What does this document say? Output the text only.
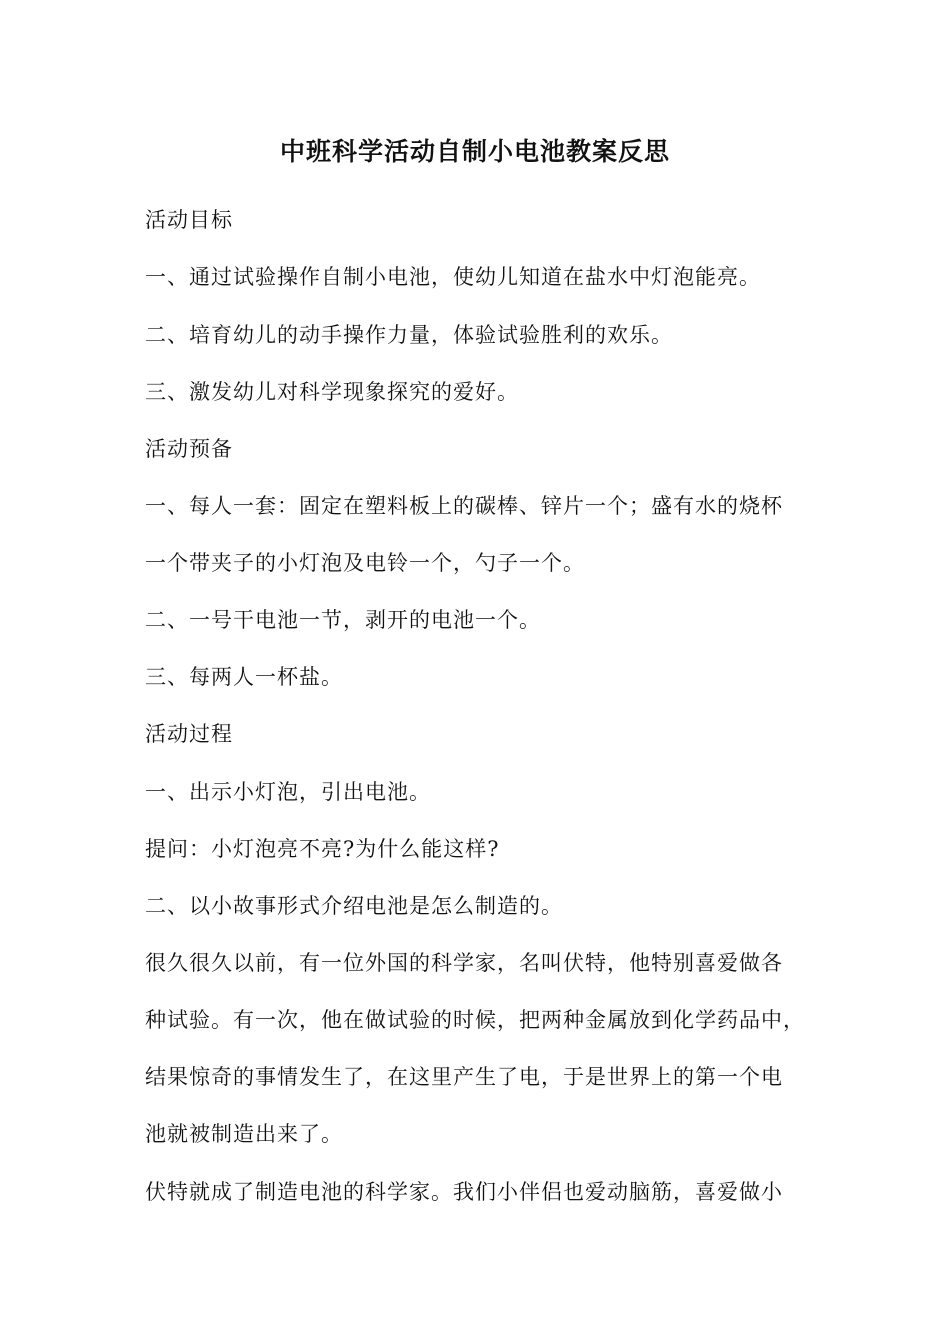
中班科学活动自制小电池教案反思
活动目标
一、通过试验操作自制小电池，使幼儿知道在盐水中灯泡能亮。
二、培育幼儿的动手操作力量，体验试验胜利的欢乐。
三、激发幼儿对科学现象探究的爱好。
活动预备
一、每人一套：固定在塑料板上的碳棒、锌片一个；盛有水的烧杯
一个带夹子的小灯泡及电铃一个，勺子一个。
二、一号干电池一节，剥开的电池一个。
三、每两人一杯盐。
活动过程
一、出示小灯泡，引出电池。
提问：小灯泡亮不亮?为什么能这样?
二、以小故事形式介绍电池是怎么制造的。
很久很久以前，有一位外国的科学家，名叫伏特，他特别喜爱做各
种试验。有一次，他在做试验的时候，把两种金属放到化学药品中，
结果惊奇的事情发生了，在这里产生了电，于是世界上的第一个电
池就被制造出来了。
伏特就成了制造电池的科学家。我们小伴侣也爱动脑筋，喜爱做小
